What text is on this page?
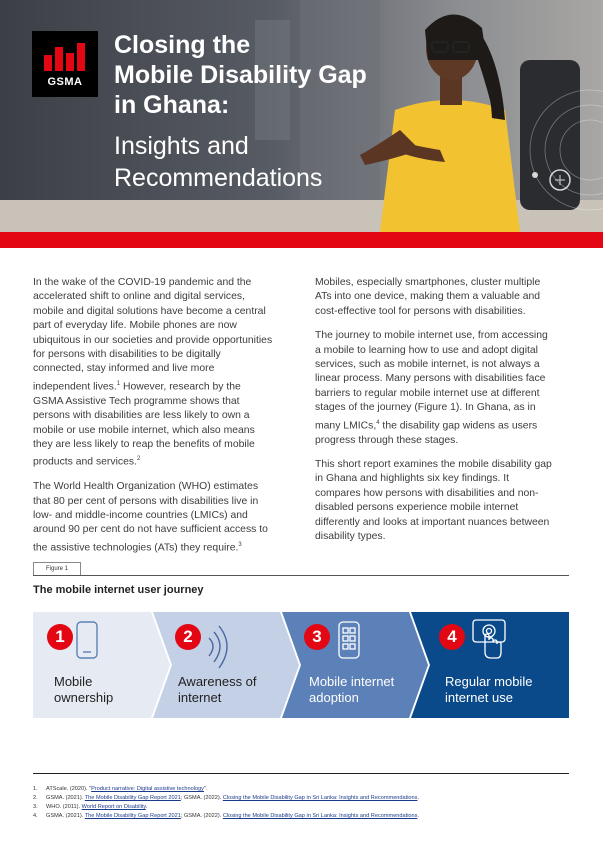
GSMA
Closing the
Mobile Disability Gap
in Ghana:
Insights and
Recommendations

In the wake of the COVID-19 pandemic and the accelerated shift to online and digital services, mobile and digital solutions have become a central part of everyday life. Mobile phones are now ubiquitous in our societies and provide opportunities for persons with disabilities to be digitally connected, stay informed and live more independent lives.$^1$ However, research by the GSMA Assistive Tech programme shows that persons with disabilities are less likely to own a mobile or use mobile internet, which also means they are less likely to reap the benefits of mobile products and services.$^2$

The World Health Organization (WHO) estimates that 80 per cent of persons with disabilities live in low- and middle-income countries (LMICs) and around 90 per cent do not have sufficient access to the assistive technologies (ATs) they require.$^3$

Mobiles, especially smartphones, cluster multiple ATs into one device, making them a valuable and cost-effective tool for persons with disabilities.

The journey to mobile internet use, from accessing a mobile to learning how to use and adopt digital services, such as mobile internet, is not always a linear process. Many persons with disabilities face barriers to regular mobile internet use at different stages of the journey (Figure 1). In Ghana, as in many LMICs,$^4$ the disability gap widens as users progress through these stages.

This short report examines the mobile disability gap in Ghana and highlights six key findings. It compares how persons with disabilities and non-disabled persons experience mobile internet differently and looks at important nuances between disability types.

Figure 1
The mobile internet user journey
1	2	3	4
Mobile
ownership
Awareness of
internet
Mobile internet
adoption
Regular mobile
internet use
1. ATScale. (2020). "Product narrative: Digital assistive technology".
2. GSMA. (2021). The Mobile Disability Gap Report 2021; GSMA. (2022). Closing the Mobile Disability Gap in Sri Lanka: Insights and Recommendations.
3. WHO. (2011). World Report on Disability.
4. GSMA. (2021). The Mobile Disability Gap Report 2021; GSMA. (2022). Closing the Mobile Disability Gap in Sri Lanka: Insights and Recommendations.
